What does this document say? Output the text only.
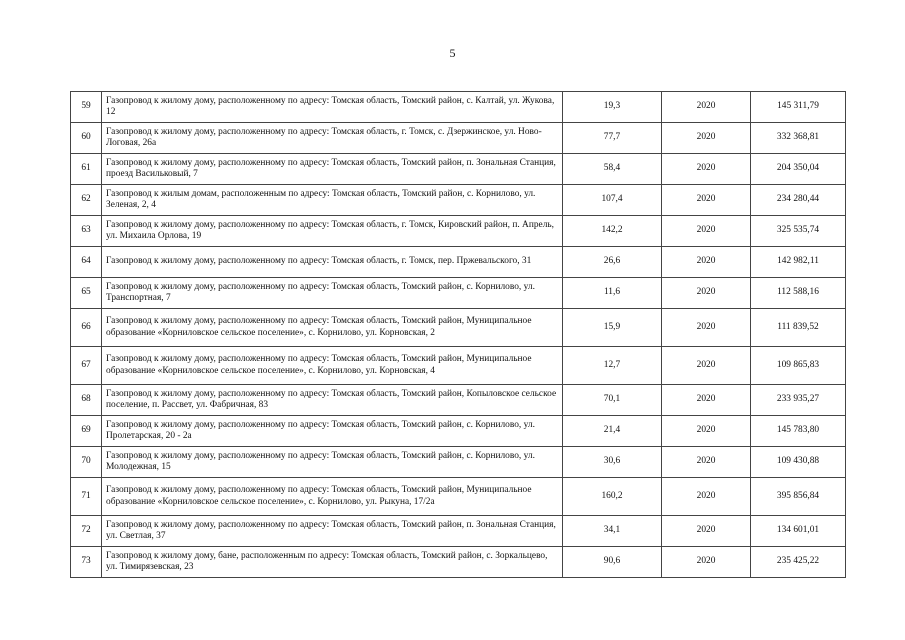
5
59	Газопровод к жилому дому, расположенному по адресу: Томская область, Томский район, с. Калтай, ул. Жукова, 12	19,3	2020	145 311,79
60	Газопровод к жилому дому, расположенному по адресу: Томская область, г. Томск, с. Дзержинское, ул. Ново-Логовая, 26а	77,7	2020	332 368,81
61	Газопровод к жилому дому, расположенному по адресу: Томская область, Томский район, п. Зональная Станция, проезд Васильковый, 7	58,4	2020	204 350,04
62	Газопровод к жилым домам, расположенным по адресу: Томская область, Томский район, с. Корнилово, ул. Зеленая, 2, 4	107,4	2020	234 280,44
63	Газопровод к жилому дому, расположенному по адресу: Томская область, г. Томск, Кировский район, п. Апрель, ул. Михаила Орлова, 19	142,2	2020	325 535,74
64	Газопровод к жилому дому, расположенному по адресу: Томская область, г. Томск, пер. Пржевальского, 31	26,6	2020	142 982,11
65	Газопровод к жилому дому, расположенному по адресу: Томская область, Томский район, с. Корнилово, ул. Транспортная, 7	11,6	2020	112 588,16
66	Газопровод к жилому дому, расположенному по адресу: Томская область, Томский район, Муниципальное образование «Корниловское сельское поселение», с. Корнилово, ул. Корновская, 2	15,9	2020	111 839,52
67	Газопровод к жилому дому, расположенному по адресу: Томская область, Томский район, Муниципальное образование «Корниловское сельское поселение», с. Корнилово, ул. Корновская, 4	12,7	2020	109 865,83
68	Газопровод к жилому дому, расположенному по адресу: Томская область, Томский район, Копыловское сельское поселение, п. Рассвет, ул. Фабричная, 83	70,1	2020	233 935,27
69	Газопровод к жилому дому, расположенному по адресу: Томская область, Томский район, с. Корнилово, ул. Пролетарская, 20 - 2а	21,4	2020	145 783,80
70	Газопровод к жилому дому, расположенному по адресу: Томская область, Томский район, с. Корнилово, ул. Молодежная, 15	30,6	2020	109 430,88
71	Газопровод к жилому дому, расположенному по адресу: Томская область, Томский район, Муниципальное образование «Корниловское сельское поселение», с. Корнилово, ул. Рыкуна, 17/2а	160,2	2020	395 856,84
72	Газопровод к жилому дому, расположенному по адресу: Томская область, Томский район, п. Зональная Станция, ул. Светлая, 37	34,1	2020	134 601,01
73	Газопровод к жилому дому, бане, расположенным по адресу: Томская область, Томский район, с. Зоркальцево, ул. Тимирязевская, 23	90,6	2020	235 425,22
